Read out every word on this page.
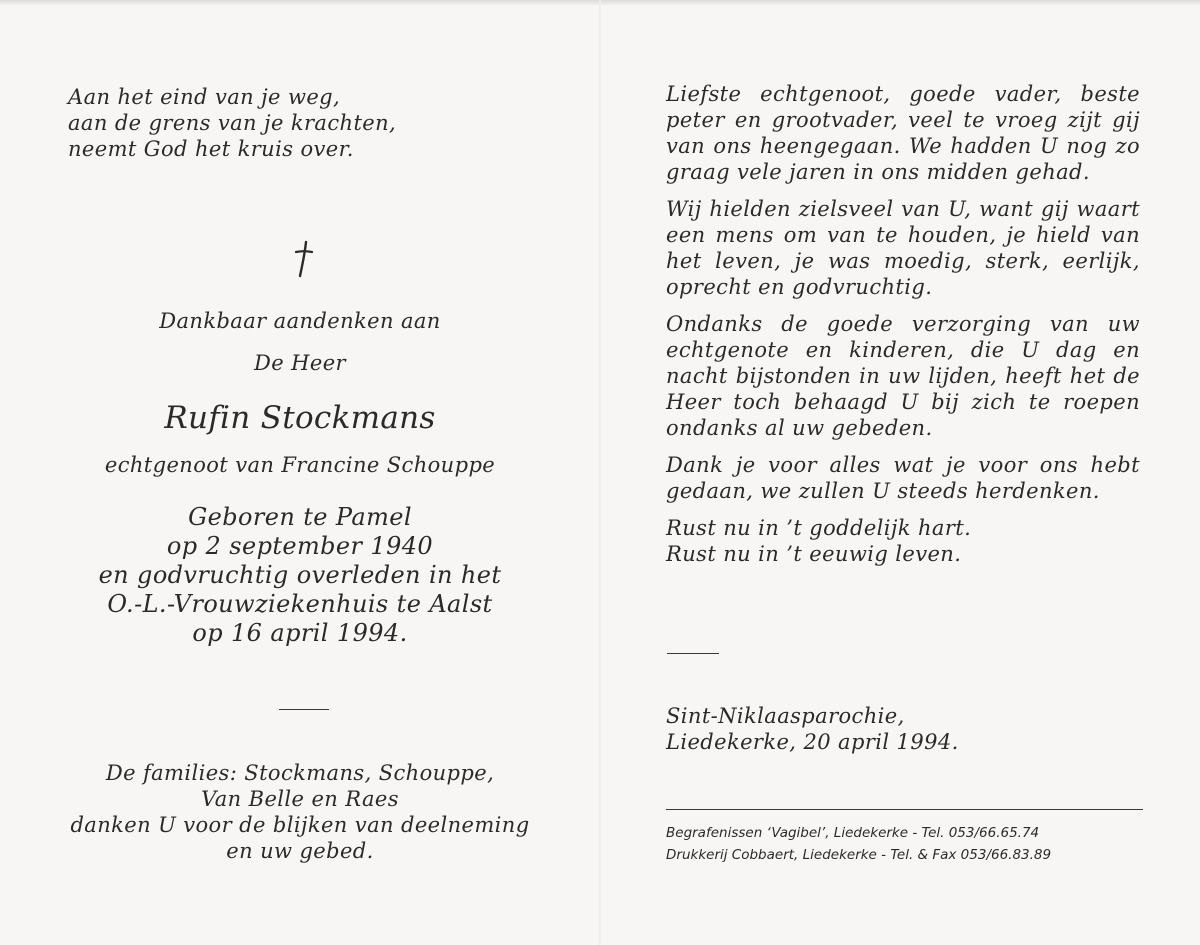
Aan het eind van je weg,
aan de grens van je krachten,
neemt God het kruis over.
Dankbaar aandenken aan
De Heer
Rufin Stockmans
echtgenoot van Francine Schouppe
Geboren te Pamel
op 2 september 1940
en godvruchtig overleden in het
O.-L.-Vrouwziekenhuis te Aalst
op 16 april 1994.
De families: Stockmans, Schouppe,
Van Belle en Raes
danken U voor de blijken van deelneming
en uw gebed.

Liefste echtgenoot, goede vader, beste peter en grootvader, veel te vroeg zijt gij van ons heengegaan. We hadden U nog zo graag vele jaren in ons midden gehad.

Wij hielden zielsveel van U, want gij waart een mens om van te houden, je hield van het leven, je was moedig, sterk, eerlijk, oprecht en godvruchtig.

Ondanks de goede verzorging van uw echtgenote en kinderen, die U dag en nacht bijstonden in uw lijden, heeft het de Heer toch behaagd U bij zich te roepen ondanks al uw gebeden.

Dank je voor alles wat je voor ons hebt gedaan, we zullen U steeds herdenken.

Rust nu in ’t goddelijk hart.
Rust nu in ’t eeuwig leven.
Sint-Niklaasparochie,
Liedekerke, 20 april 1994.
Begrafenissen ‘Vagibel’, Liedekerke - Tel. 053/66.65.74
Drukkerij Cobbaert, Liedekerke - Tel. & Fax 053/66.83.89
